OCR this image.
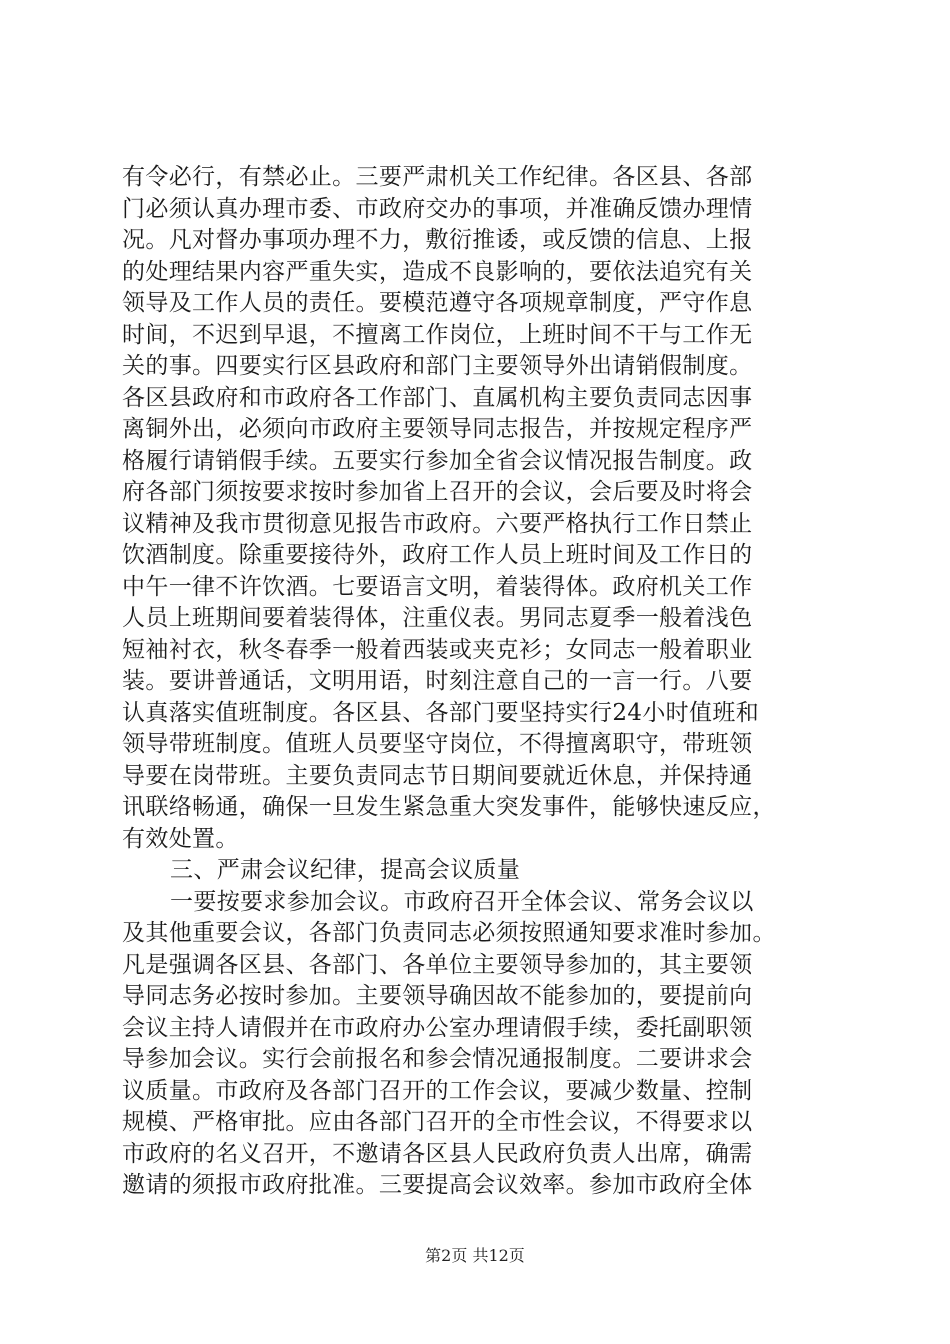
有令必行，有禁必止。三要严肃机关工作纪律。各区县、各部
门必须认真办理市委、市政府交办的事项，并准确反馈办理情
况。凡对督办事项办理不力，敷衍推诿，或反馈的信息、上报
的处理结果内容严重失实，造成不良影响的，要依法追究有关
领导及工作人员的责任。要模范遵守各项规章制度，严守作息
时间，不迟到早退，不擅离工作岗位，上班时间不干与工作无
关的事。四要实行区县政府和部门主要领导外出请销假制度。
各区县政府和市政府各工作部门、直属机构主要负责同志因事
离铜外出，必须向市政府主要领导同志报告，并按规定程序严
格履行请销假手续。五要实行参加全省会议情况报告制度。政
府各部门须按要求按时参加省上召开的会议，会后要及时将会
议精神及我市贯彻意见报告市政府。六要严格执行工作日禁止
饮酒制度。除重要接待外，政府工作人员上班时间及工作日的
中午一律不许饮酒。七要语言文明，着装得体。政府机关工作
人员上班期间要着装得体，注重仪表。男同志夏季一般着浅色
短袖衬衣，秋冬春季一般着西装或夹克衫；女同志一般着职业
装。要讲普通话，文明用语，时刻注意自己的一言一行。八要
认真落实值班制度。各区县、各部门要坚持实行24小时值班和
领导带班制度。值班人员要坚守岗位，不得擅离职守，带班领
导要在岗带班。主要负责同志节日期间要就近休息，并保持通
讯联络畅通，确保一旦发生紧急重大突发事件，能够快速反应，
有效处置。
三、严肃会议纪律，提高会议质量
一要按要求参加会议。市政府召开全体会议、常务会议以
及其他重要会议，各部门负责同志必须按照通知要求准时参加。
凡是强调各区县、各部门、各单位主要领导参加的，其主要领
导同志务必按时参加。主要领导确因故不能参加的，要提前向
会议主持人请假并在市政府办公室办理请假手续，委托副职领
导参加会议。实行会前报名和参会情况通报制度。二要讲求会
议质量。市政府及各部门召开的工作会议，要减少数量、控制
规模、严格审批。应由各部门召开的全市性会议，不得要求以
市政府的名义召开，不邀请各区县人民政府负责人出席，确需
邀请的须报市政府批准。三要提高会议效率。参加市政府全体
第2页 共12页
